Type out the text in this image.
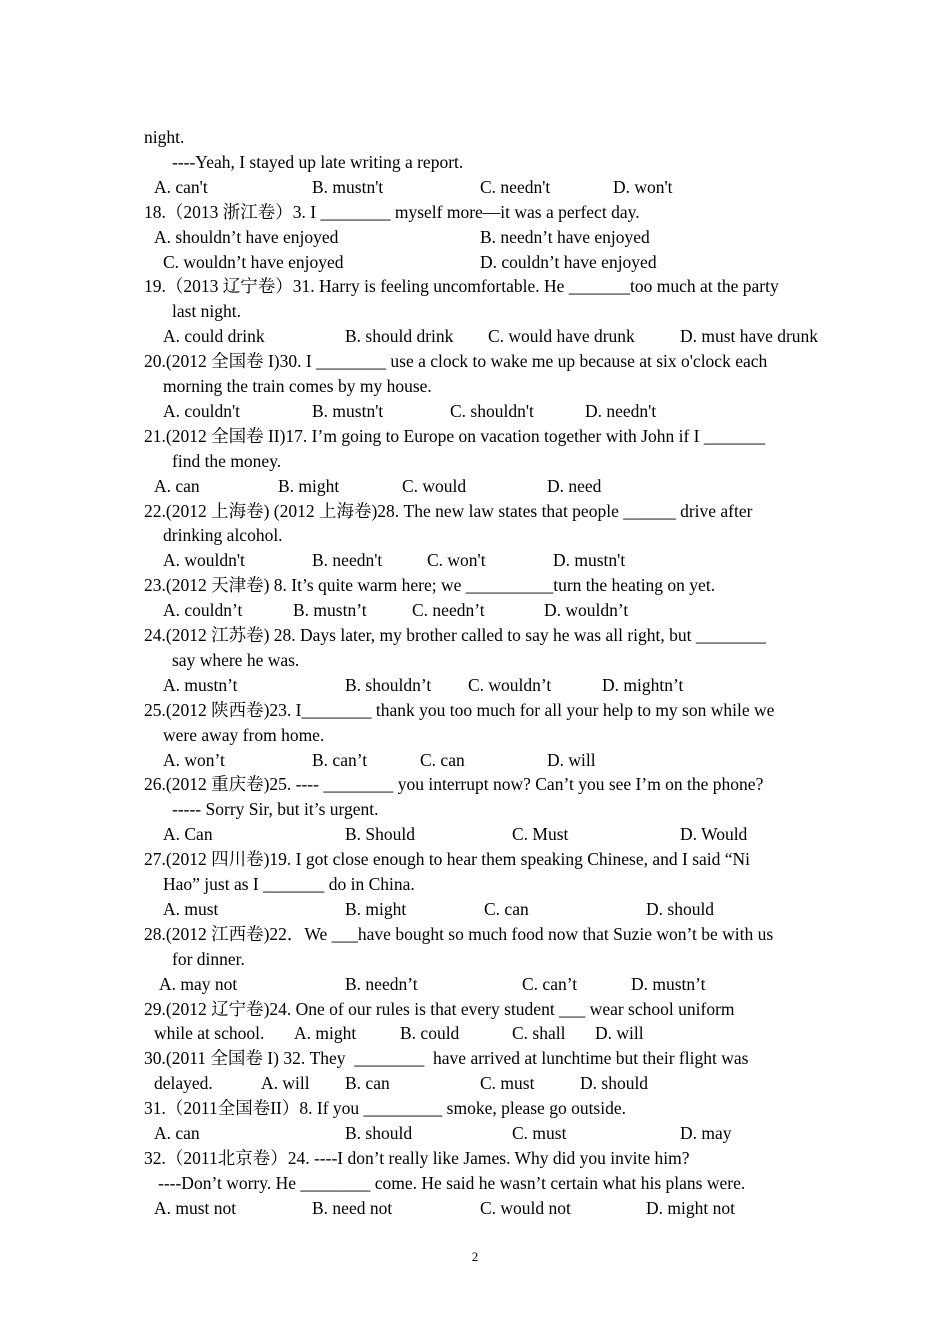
night.
----Yeah, I stayed up late writing a report.
A. can't	B. mustn't	C. needn't	D. won't
18.（2013 浙江卷）3. I ________ myself more—it was a perfect day.
A. shouldn’t have enjoyed	B. needn’t have enjoyed
C. wouldn’t have enjoyed	D. couldn’t have enjoyed
19.（2013 辽宁卷）31. Harry is feeling uncomfortable. He _______too much at the party
last night.
A. could drink	B. should drink C. would have drunk	D. must have drunk
20.(2012 全国卷 I)30. I ________ use a clock to wake me up because at six o'clock each
morning the train comes by my house.
A. couldn't	B. mustn't	C. shouldn't	D. needn't
21.(2012 全国卷 II)17. I’m going to Europe on vacation together with John if I _______
find the money.
A. can	B. might	C. would	D. need
22.(2012 上海卷) (2012 上海卷)28. The new law states that people ______ drive after
drinking alcohol.
A. wouldn't	B. needn't	C. won't	D. mustn't
23.(2012 天津卷) 8. It’s quite warm here; we __________turn the heating on yet.
A. couldn’t	B. mustn’t	C. needn’t	D. wouldn’t
24.(2012 江苏卷) 28. Days later, my brother called to say he was all right, but ________
say where he was.
A. mustn’t	B. shouldn’t C. wouldn’t	D. mightn’t
25.(2012 陕西卷)23. I________ thank you too much for all your help to my son while we
were away from home.
A. won’t	B. can’t	C. can	D. will
26.(2012 重庆卷)25. ---- ________ you interrupt now? Can’t you see I’m on the phone?
----- Sorry Sir, but it’s urgent.
A. Can	B. Should	C. Must	D. Would
27.(2012 四川卷)19. I got close enough to hear them speaking Chinese, and I said “Ni
Hao” just as I _______ do in China.
A. must	B. might	C. can	D. should
28.(2012 江西卷)22．We ___have bought so much food now that Suzie won’t be with us
for dinner.
A. may not	B. needn’t	C. can’t	D. mustn’t
29.(2012 辽宁卷)24. One of our rules is that every student ___ wear school uniform
while at school. A. might	B. could	C. shall D. will
30.(2011 全国卷 I) 32. They  ________  have arrived at lunchtime but their flight was
delayed.	A. will B. can	C. must	D. should
31.（2011全国卷II）8. If you _________ smoke, please go outside.
A. can	B. should	C. must	D. may
32.（2011北京卷）24. ----I don’t really like James. Why did you invite him?
----Don’t worry. He ________ come. He said he wasn’t certain what his plans were.
A. must not	B. need not	C. would not	D. might not
2
